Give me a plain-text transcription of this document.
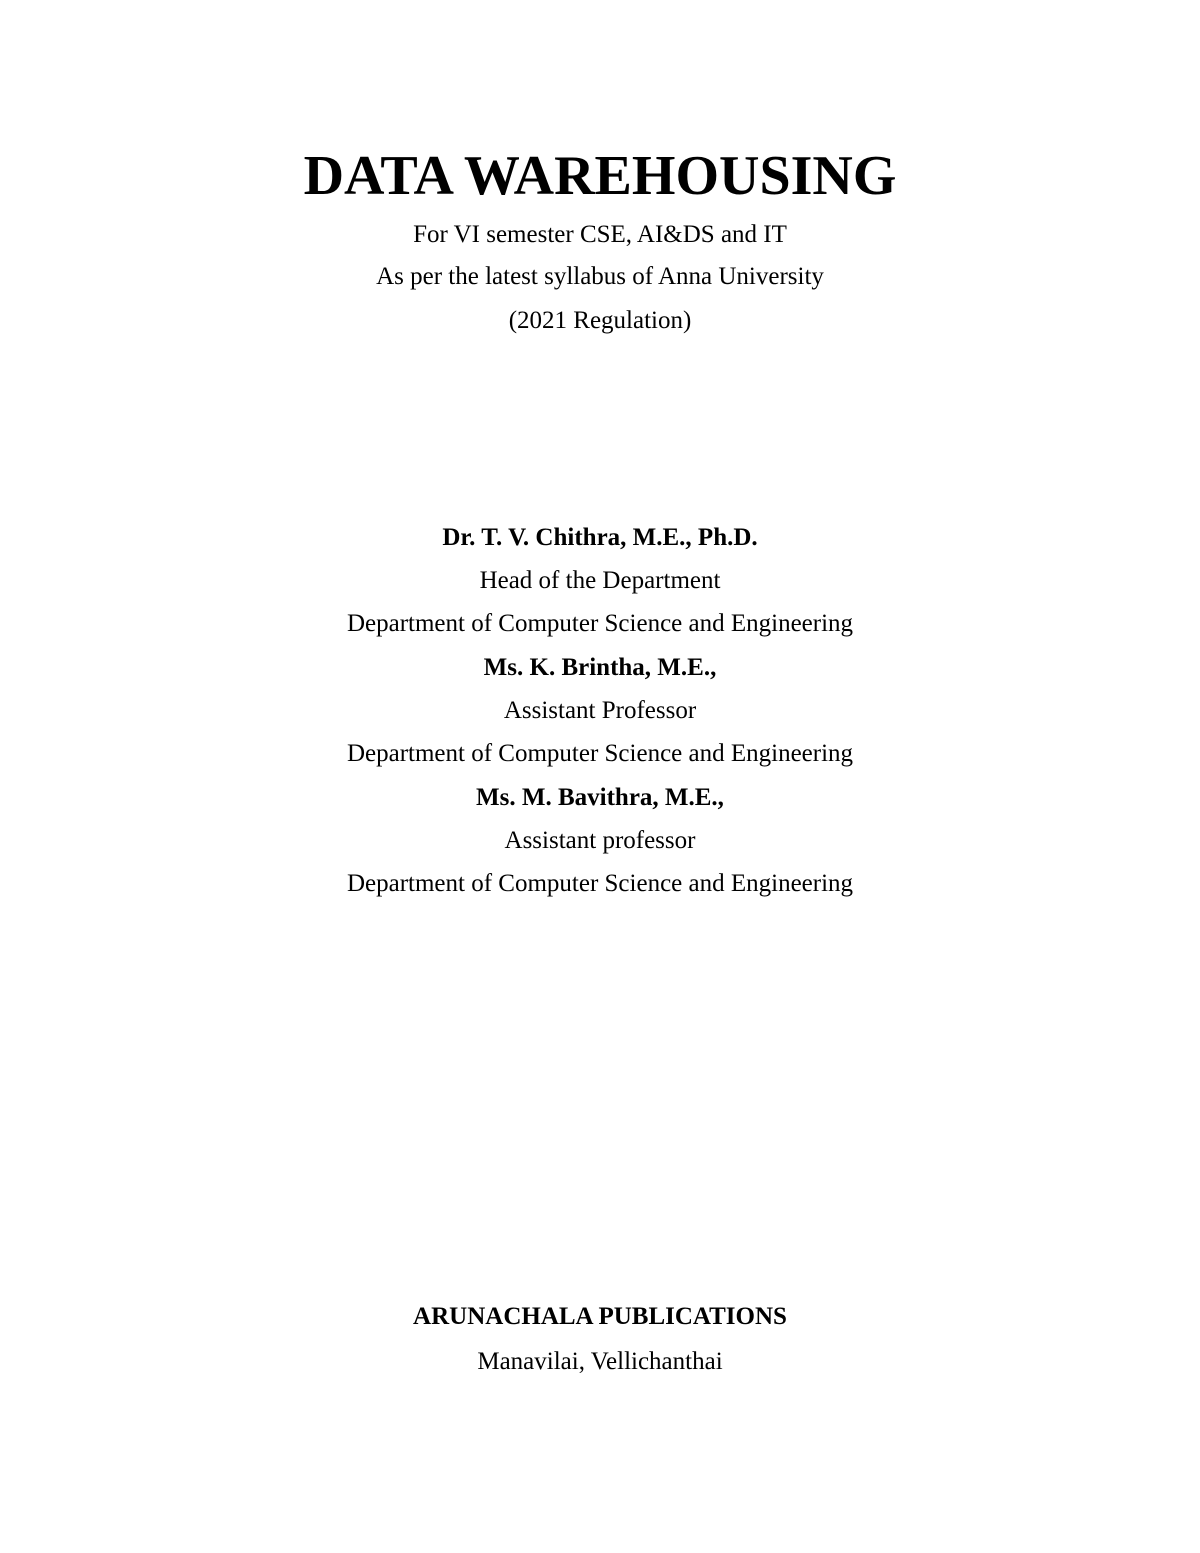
DATA WAREHOUSING
For VI semester CSE, AI&DS and IT
As per the latest syllabus of Anna University
(2021 Regulation)
Dr. T. V. Chithra, M.E., Ph.D.
Head of the Department
Department of Computer Science and Engineering
Ms. K. Brintha, M.E.,
Assistant Professor
Department of Computer Science and Engineering
Ms. M. Bavithra, M.E.,
Assistant professor
Department of Computer Science and Engineering
ARUNACHALA PUBLICATIONS
Manavilai, Vellichanthai
